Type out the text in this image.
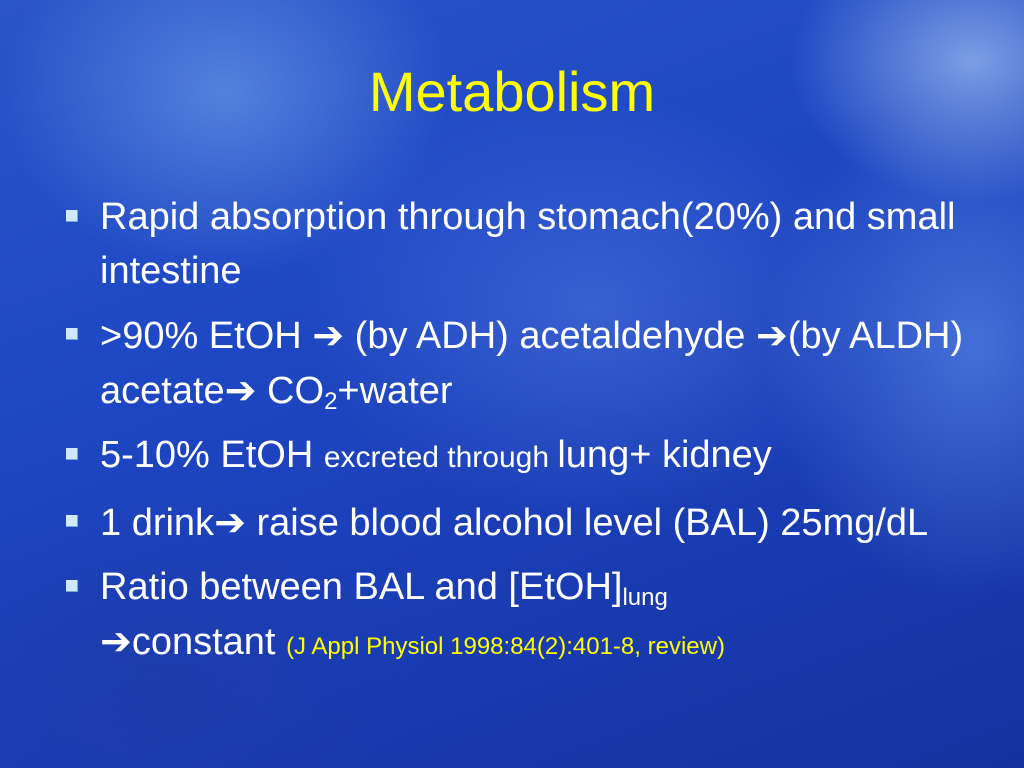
Metabolism
Rapid absorption through stomach(20%) and small intestine
>90% EtOH ➔ (by ADH) acetaldehyde ➔(by ALDH) acetate➔ $CO_2+water$
5-10% EtOH excreted through lung+ kidney
1 drink➔ raise blood alcohol level (BAL) 25mg/dL
Ratio between BAL and $[EtOH]_{lung}$
➔constant (J Appl Physiol 1998:84(2):401-8, review)
